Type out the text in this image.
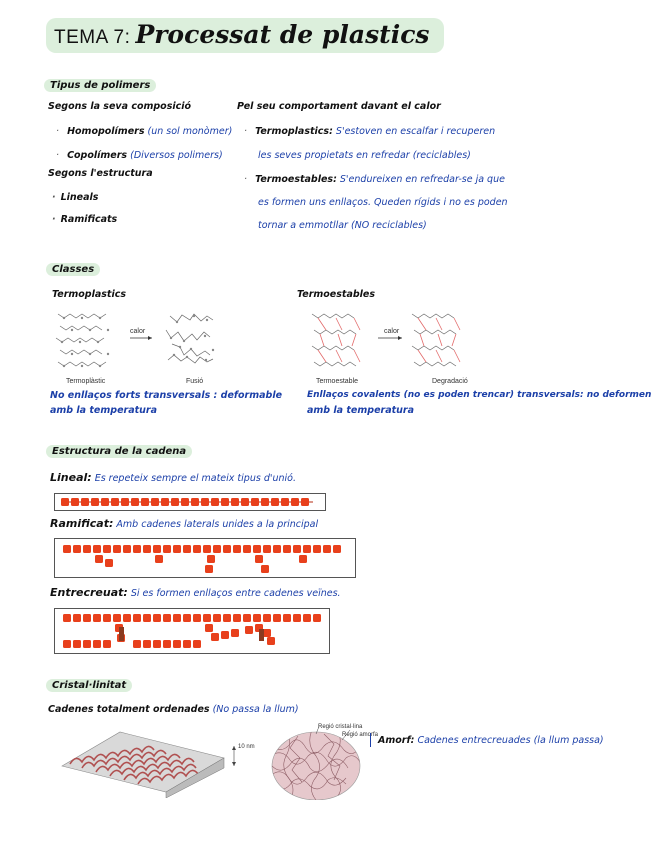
TEMA 7: Processat de plastics
Tipus de polimers
Segons la seva composició
· Homopolímers (un sol monòmer)
· Copolímers (Diversos polimers)
Segons l'estructura
· Lineals
· Ramificats
Pel seu comportament davant el calor
· Termoplastics: S'estoven en escalfar i recuperen
les seves propietats en refredar (reciclables)
· Termoestables: S'endureixen en refredar-se ja que
es formen uns enllaços. Queden rígids i no es poden
tornar a emmotllar (NO reciclables)
Classes
Termoplastics	Termoestables
calor
Termoplàstic	Fusió
calor
Termoestable	Degradació
No enllaços forts transversals : deformable
amb la temperatura
Enllaços covalents (no es poden trencar) transversals: no deformen
amb la temperatura
Estructura de la cadena
Lineal: Es repeteix sempre el mateix tipus d'unió.
Ramificat: Amb cadenes laterals unides a la principal
Entrecreuat: Si es formen enllaços entre cadenes veïnes.
Cristal·linitat
Cadenes totalment ordenades (No passa la llum)
10 nm
Regió cristal·lina
Regió amorfa Amorf: Cadenes entrecreuades (la llum passa)
